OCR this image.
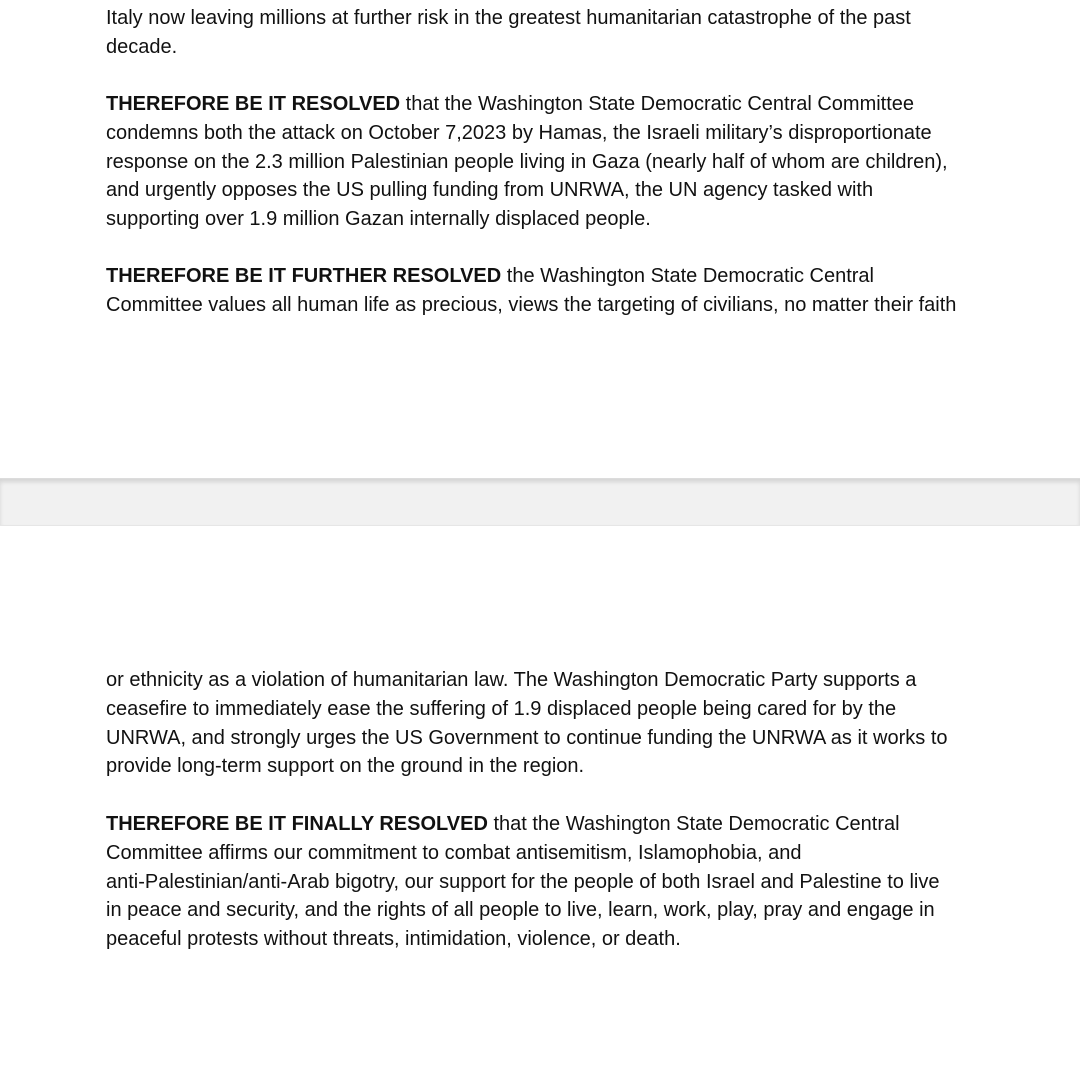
Italy now leaving millions at further risk in the greatest humanitarian catastrophe of the past
decade.

THEREFORE BE IT RESOLVED that the Washington State Democratic Central Committee
condemns both the attack on October 7,2023 by Hamas, the Israeli military’s disproportionate
response on the 2.3 million Palestinian people living in Gaza (nearly half of whom are children),
and urgently opposes the US pulling funding from UNRWA, the UN agency tasked with
supporting over 1.9 million Gazan internally displaced people.

THEREFORE BE IT FURTHER RESOLVED the Washington State Democratic Central
Committee values all human life as precious, views the targeting of civilians, no matter their faith

or ethnicity as a violation of humanitarian law. The Washington Democratic Party supports a
ceasefire to immediately ease the suffering of 1.9 displaced people being cared for by the
UNRWA, and strongly urges the US Government to continue funding the UNRWA as it works to
provide long-term support on the ground in the region.

THEREFORE BE IT FINALLY RESOLVED that the Washington State Democratic Central
Committee affirms our commitment to combat antisemitism, Islamophobia, and
anti-Palestinian/anti-Arab bigotry, our support for the people of both Israel and Palestine to live
in peace and security, and the rights of all people to live, learn, work, play, pray and engage in
peaceful protests without threats, intimidation, violence, or death.
